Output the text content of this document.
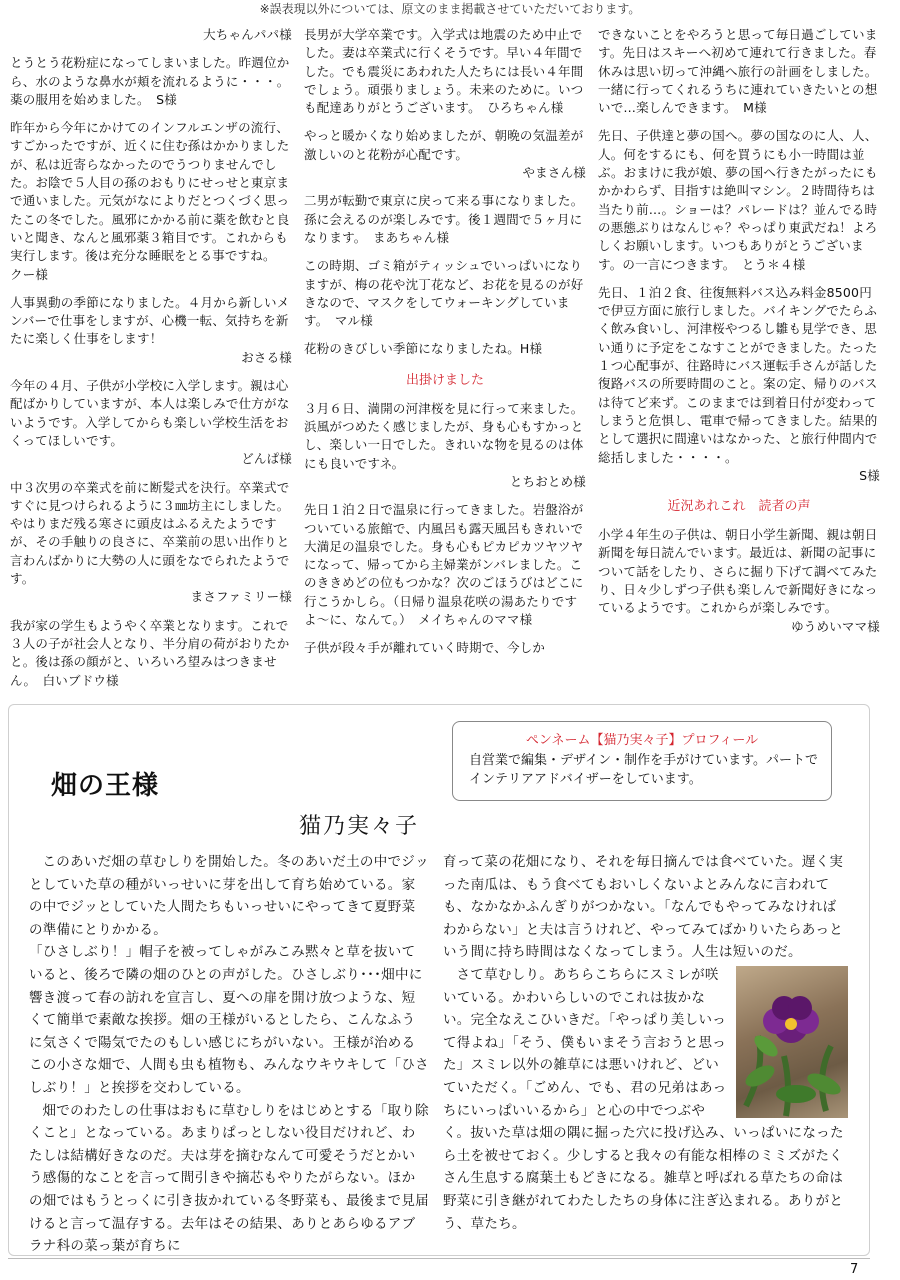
※誤表現以外については、原文のまま掲載させていただいております。
大ちゃんパパ様
とうとう花粉症になってしまいました。昨週位から、水のような鼻水が頬を流れるように・・・。薬の服用を始めました。　S様
昨年から今年にかけてのインフルエンザの流行、すごかったですが、近くに住む孫はかかりましたが、私は近寄らなかったのでうつりませんでした。お陰で５人目の孫のおもりにせっせと東京まで通いました。元気がなによりだとつくづく思ったこの冬でした。風邪にかかる前に薬を飲むと良いと聞き、なんと風邪薬３箱目です。これからも実行します。後は充分な睡眠をとる事ですね。　クー様
人事異動の季節になりました。４月から新しいメンバーで仕事をしますが、心機一転、気持ちを新たに楽しく仕事をします！
おさる様
今年の４月、子供が小学校に入学します。親は心配ばかりしていますが、本人は楽しみで仕方がないようです。入学してからも楽しい学校生活をおくってほしいです。
どんぱ様
中３次男の卒業式を前に断髪式を決行。卒業式ですぐに見つけられるように３㎜坊主にしました。やはりまだ残る寒さに頭皮はふるえたようですが、その手触りの良さに、卒業前の思い出作りと言わんばかりに大勢の人に頭をなでられたようです。
まさファミリー様
我が家の学生もようやく卒業となります。これで３人の子が社会人となり、半分肩の荷がおりたかと。後は孫の顔がと、いろいろ望みはつきません。　白いブドウ様
長男が大学卒業です。入学式は地震のため中止でした。妻は卒業式に行くそうです。早い４年間でした。でも震災にあわれた人たちには長い４年間でしょう。頑張りましょう。未来のために。いつも配達ありがとうございます。　ひろちゃん様
やっと暖かくなり始めましたが、朝晩の気温差が激しいのと花粉が心配です。
やまさん様
二男が転勤で東京に戻って来る事になりました。孫に会えるのが楽しみです。後１週間で５ヶ月になります。　まあちゃん様
この時期、ゴミ箱がティッシュでいっぱいになりますが、梅の花や沈丁花など、お花を見るのが好きなので、マスクをしてウォーキングしています。　マル様
花粉のきびしい季節になりましたね。H様
出掛けました
３月６日、満開の河津桜を見に行って来ました。浜風がつめたく感じましたが、身も心もすかっとし、楽しい一日でした。きれいな物を見るのは体にも良いですネ。
とちおとめ様
先日１泊２日で温泉に行ってきました。岩盤浴がついている旅館で、内風呂も露天風呂もきれいで大満足の温泉でした。身も心もピカピカツヤツヤになって、帰ってから主婦業がンバレました。このききめどの位もつかな？次のごほうびはどこに行こうかしら。（日帰り温泉花咲の湯あたりですよ～に、なんて。）　メイちゃんのママ様
子供が段々手が離れていく時期で、今しか
できないことをやろうと思って毎日過ごしています。先日はスキーへ初めて連れて行きました。春休みは思い切って沖縄へ旅行の計画をしました。一緒に行ってくれるうちに連れていきたいとの想いで…楽しんできます。　M様
先日、子供達と夢の国へ。夢の国なのに人、人、人。何をするにも、何を買うにも小一時間は並ぶ。おまけに我が娘、夢の国へ行きたがったにもかかわらず、目指すは絶叫マシン。２時間待ちは当たり前…。ショーは？パレードは？並んでる時の悪態ぶりはなんじゃ？やっぱり東武だね！よろしくお願いします。いつもありがとうございます。の一言につきます。　とう＊４様
先日、１泊２食、往復無料バス込み料金8500円で伊豆方面に旅行しました。バイキングでたらふく飲み食いし、河津桜やつるし雛も見学でき、思い通りに予定をこなすことができました。たった１つ心配事が、往路時にバス運転手さんが話した復路バスの所要時間のこと。案の定、帰りのバスは待てど来ず。このままでは到着日付が変わってしまうと危惧し、電車で帰ってきました。結果的として選択に間違いはなかった、と旅行仲間内で総括しました・・・・。
S様
近況あれこれ　読者の声
小学４年生の子供は、朝日小学生新聞、親は朝日新聞を毎日読んでいます。最近は、新聞の記事について話をしたり、さらに掘り下げて調べてみたり、日々少しずつ子供も楽しんで新聞好きになっているようです。これからが楽しみです。
ゆうめいママ様
ペンネーム【猫乃実々子】プロフィール
自営業で編集・デザイン・制作を手がけています。パートでインテリアアドバイザーをしています。
畑の王様
猫乃実々子

このあいだ畑の草むしりを開始した。冬のあいだ土の中でジッとしていた草の種がいっせいに芽を出して育ち始めている。家の中でジッとしていた人間たちもいっせいにやってきて夏野菜の準備にとりかかる。

「ひさしぶり！」帽子を被ってしゃがみこみ黙々と草を抜いていると、後ろで隣の畑のひとの声がした。ひさしぶり･･･畑中に響き渡って春の訪れを宣言し、夏への扉を開け放つような、短くて簡単で素敵な挨拶。畑の王様がいるとしたら、こんなふうに気さくで陽気でたのもしい感じにちがいない。王様が治めるこの小さな畑で、人間も虫も植物も、みんなウキウキして「ひさしぶり！」と挨拶を交わしている。

畑でのわたしの仕事はおもに草むしりをはじめとする「取り除くこと」となっている。あまりぱっとしない役目だけれど、わたしは結構好きなのだ。夫は芽を摘むなんて可愛そうだとかいう感傷的なことを言って間引きや摘芯もやりたがらない。ほかの畑ではもうとっくに引き抜かれている冬野菜も、最後まで見届けると言って温存する。去年はその結果、ありとあらゆるアブラナ科の菜っ葉が育ちに

育って菜の花畑になり、それを毎日摘んでは食べていた。遅く実った南瓜は、もう食べてもおいしくないよとみんなに言われても、なかなかふんぎりがつかない。「なんでもやってみなければわからない」と夫は言うけれど、やってみてばかりいたらあっという間に持ち時間はなくなってしまう。人生は短いのだ。

さて草むしり。あちらこちらにスミレが咲いている。かわいらしいのでこれは抜かない。完全なえこひいきだ。「やっぱり美しいって得よね」「そう、僕もいまそう言おうと思った」スミレ以外の雑草には悪いけれど、どいていただく。「ごめん、でも、君の兄弟はあっちにいっぱいいるから」と心の中でつぶやく。抜いた草は畑の隅に掘った穴に投げ込み、いっぱいになったら土を被せておく。少しすると我々の有能な相棒のミミズがたくさん生息する腐葉土もどきになる。雑草と呼ばれる草たちの命は野菜に引き継がれてわたしたちの身体に注ぎ込まれる。ありがとう、草たち。

7
